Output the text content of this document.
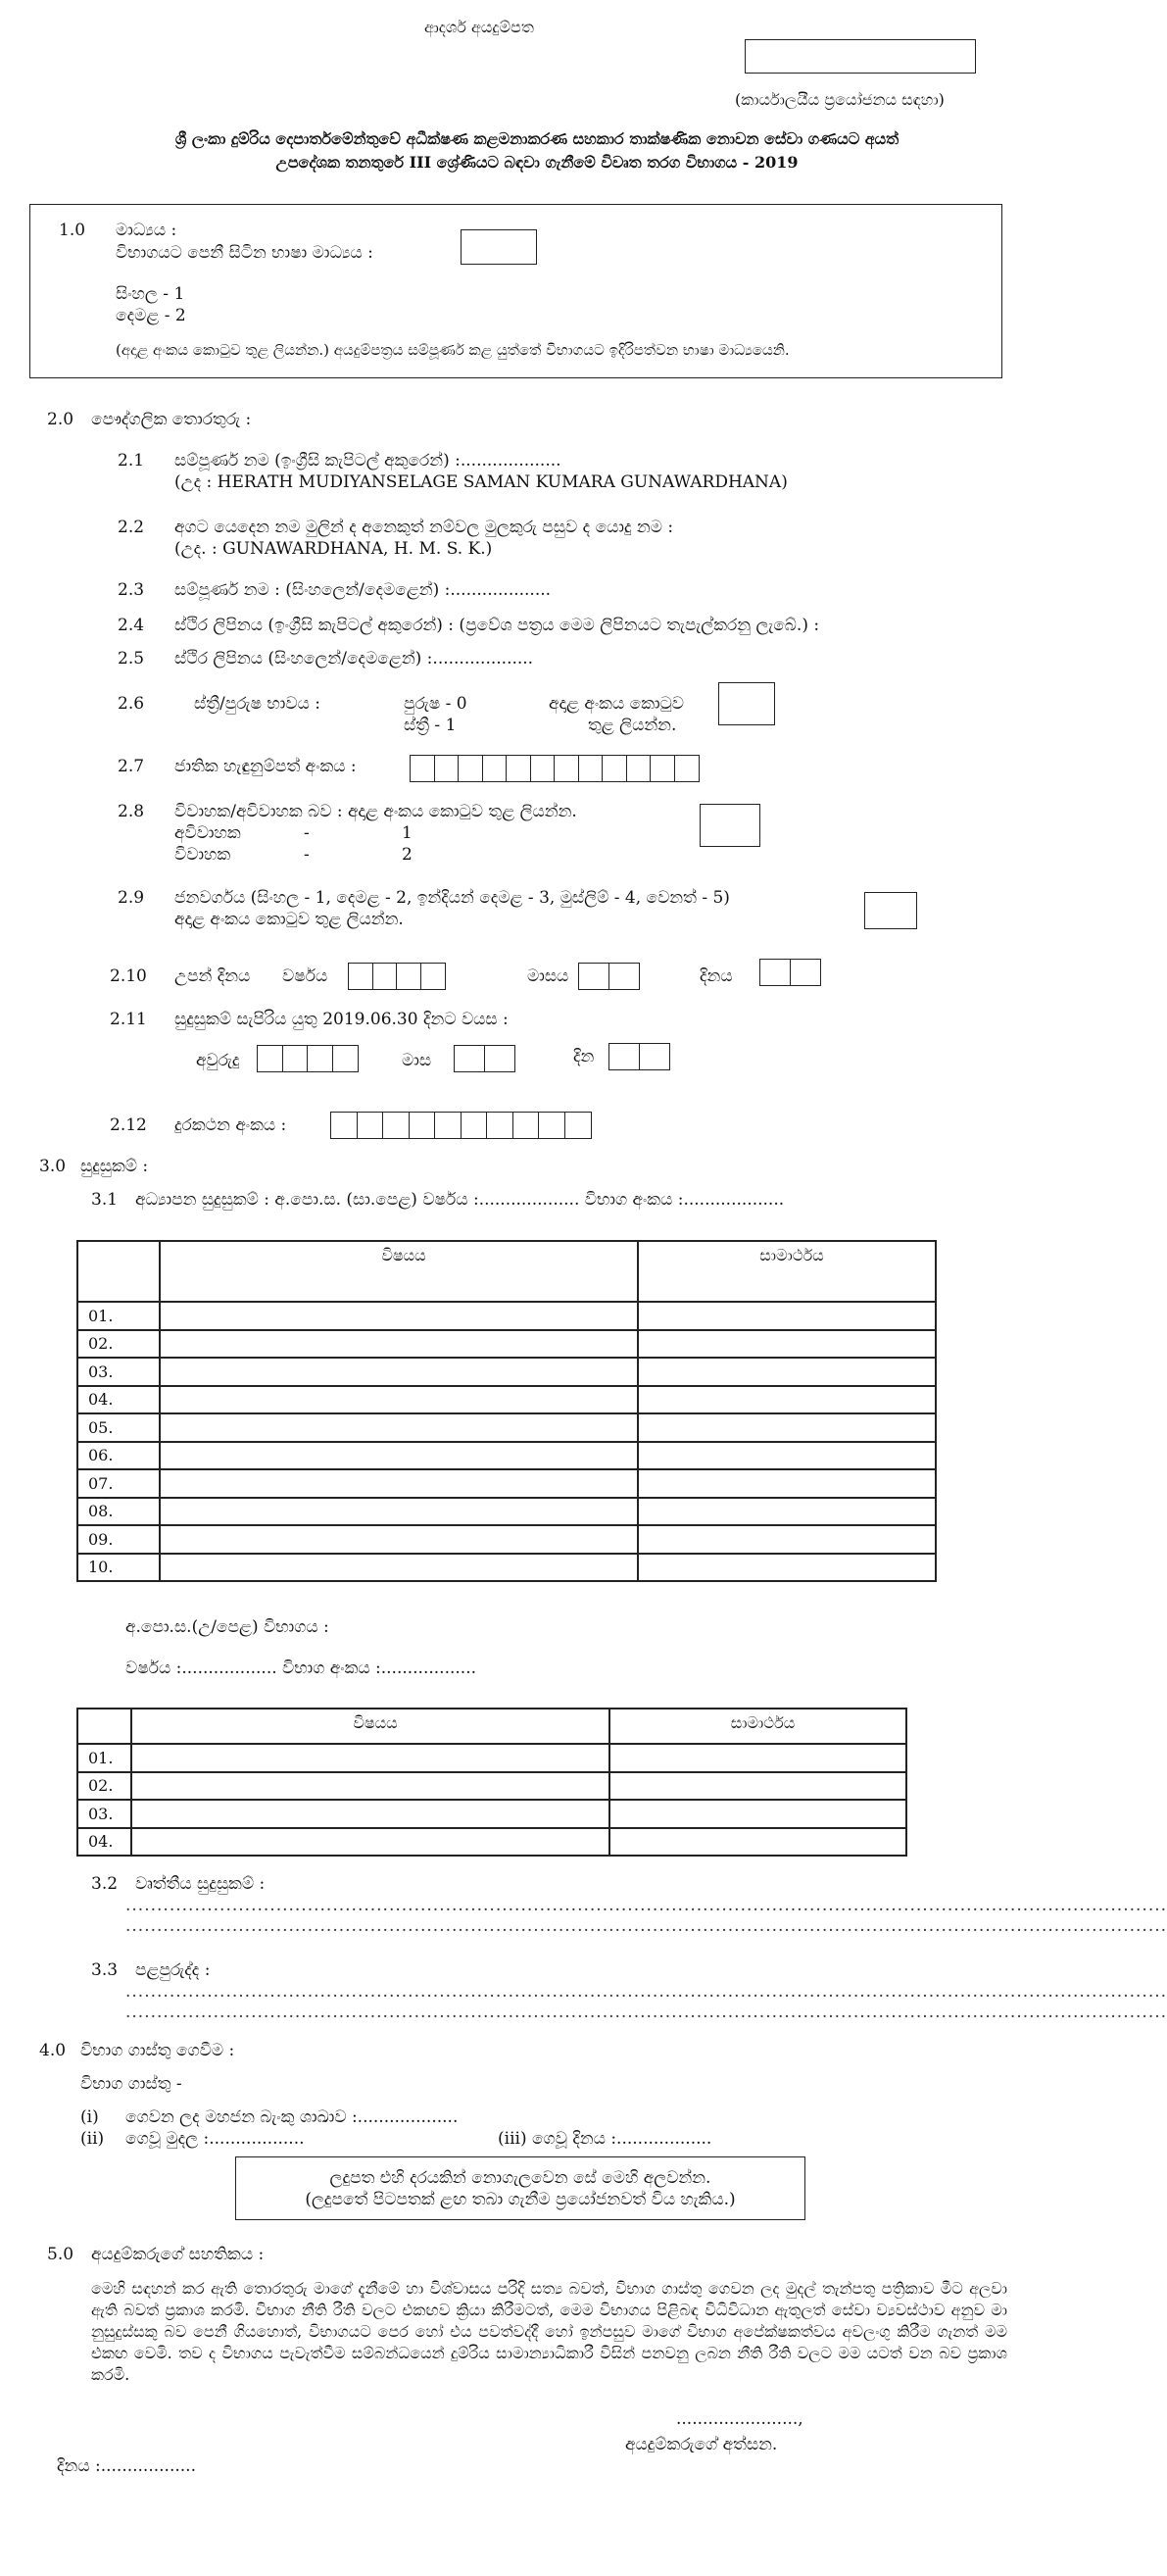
ආදර්ශ අයදුම්පත
(කාර්යාලයීය ප්‍රයෝජනය සඳහා)
ශ්‍රී ලංකා දුම්රිය දෙපාර්තමේන්තුවේ අධීක්ෂණ කළමනාකරණ සහකාර තාක්ෂණික නොවන සේවා ගණයට අයත්
උපදේශක තනතුරේ III ශ්‍රේණියට බඳවා ගැනීමේ විවෘත තරග විභාගය - 2019
1.0 මාධ්‍යය :
විභාගයට පෙනී සිටින භාෂා මාධ්‍යය :
සිංහල - 1
දෙමළ - 2
(අදාළ අංකය කොටුව තුළ ලියන්න.) අයදුම්පත්‍රය සම්පූර්ණ කළ යුත්තේ විභාගයට ඉදිරිපත්වන භාෂා මාධ්‍යයෙනි.
2.0 පෞද්ගලික තොරතුරු :
2.1 සම්පූර්ණ නම (ඉංග්‍රීසි කැපිටල් අකුරෙන්) :...................
(උද : HERATH MUDIYANSELAGE SAMAN KUMARA GUNAWARDHANA)
2.2 අගට යෙදෙන නම මුලින් ද අනෙකුත් නම්වල මුලකුරු පසුව ද යොදු නම :
(උද. : GUNAWARDHANA, H. M. S. K.)
2.3 සම්පූර්ණ නම : (සිංහලෙන්/දෙමළෙන්) :...................
2.4 ස්ථිර ලිපිනය (ඉංග්‍රීසි කැපිටල් අකුරෙන්) : (ප්‍රවේශ පත්‍රය මෙම ලිපිනයට තැපැල්කරනු ලැබේ.) :
2.5 ස්ථිර ලිපිනය (සිංහලෙන්/දෙමළෙන්) :...................
2.6	ස්ත්‍රී/පුරුෂ භාවය :	පුරුෂ - 0
ස්ත්‍රී - 1
අදාළ අංකය කොටුව
තුළ ලියන්න.
2.7 ජාතික හැඳුනුම්පත් අංකය :
2.8 විවාහක/අවිවාහක බව : අදාළ අංකය කොටුව තුළ ලියන්න.
අවිවාහක	-	1
විවාහක	-	2
2.9 ජනවර්ගය (සිංහල - 1, දෙමළ - 2, ඉන්දියන් දෙමළ - 3, මුස්ලිම් - 4, වෙනත් - 5)
අදාළ අංකය කොටුව තුළ ලියන්න.
2.10 උපන් දිනය වර්ෂය	මාසය	දිනය
2.11 සුදුසුකම් සැපිරිය යුතු 2019.06.30 දිනට වයස :
අවුරුදු	මාස	දින
2.12 දුරකථන අංකය :
3.0 සුදුසුකම් :
3.1 අධ්‍යාපන සුදුසුකම් : අ.පො.ස. (සා.පෙළ) වර්ෂය :................... විභාග අංකය :...................
	විෂයය	සාමාර්ථය
01.		
02.		
03.		
04.		
05.		
06.		
07.		
08.		
09.		
10.		
අ.පො.ස.(උ/පෙළ) විභාගය :
වර්ෂය :.................. විභාග අංකය :..................
	විෂයය	සාමාර්ථය
01.		
02.		
03.		
04.		
3.2 වෘත්තීය සුදුසුකම් :
......................................................................................................................................................................
......................................................................................................................................................................
3.3 පළපුරුද්ද :
......................................................................................................................................................................
......................................................................................................................................................................
4.0 විභාග ගාස්තු ගෙවීම :
විභාග ගාස්තු -
(i) ගෙවන ලද මහජන බැංකු ශාඛාව :...................
(ii) ගෙවූ මුදල :..................	(iii) ගෙවූ දිනය :..................
ලදුපත එහි දරයකින් නොගැලවෙන සේ මෙහි අලවන්න.
(ලදුපතේ පිටපතක් ළඟ තබා ගැනීම ප්‍රයෝජනවත් විය හැකිය.)
5.0 අයදුම්කරුගේ සහතිකය :
මෙහි සඳහන් කර ඇති තොරතුරු මාගේ දැනීමේ හා විශ්වාසය පරිදි සත්‍ය බවත්, විභාග ගාස්තු ගෙවන ලද මුදල් තැන්පතු පත්‍රිකාව මීට අලවා ඇති බවත් ප්‍රකාශ කරමි. විභාග නීති රීති වලට එකඟව ක්‍රියා කිරීමටත්, මෙම විභාගය පිළිබඳ විධිවිධාන ඇතුලත් සේවා ව්‍යවස්ථාව අනුව මා නුසුදුස්සකු බව පෙනී ගියහොත්, විභාගයට පෙර හෝ එය පවත්වද්දී හෝ ඉන්පසුව මාගේ විභාග අපේක්ෂකත්වය අවලංගු කිරීම ගැනත් මම එකඟ වෙමි. තව ද විභාගය පැවැත්වීම සම්බන්ධයෙන් දුම්රිය සාමාන්‍යාධිකාරී විසින් පනවනු ලබන නීති රීති වලට මම යටත් වන බව ප්‍රකාශ කරමි.
.......................,
අයදුම්කරුගේ අත්සන.
දිනය :..................
